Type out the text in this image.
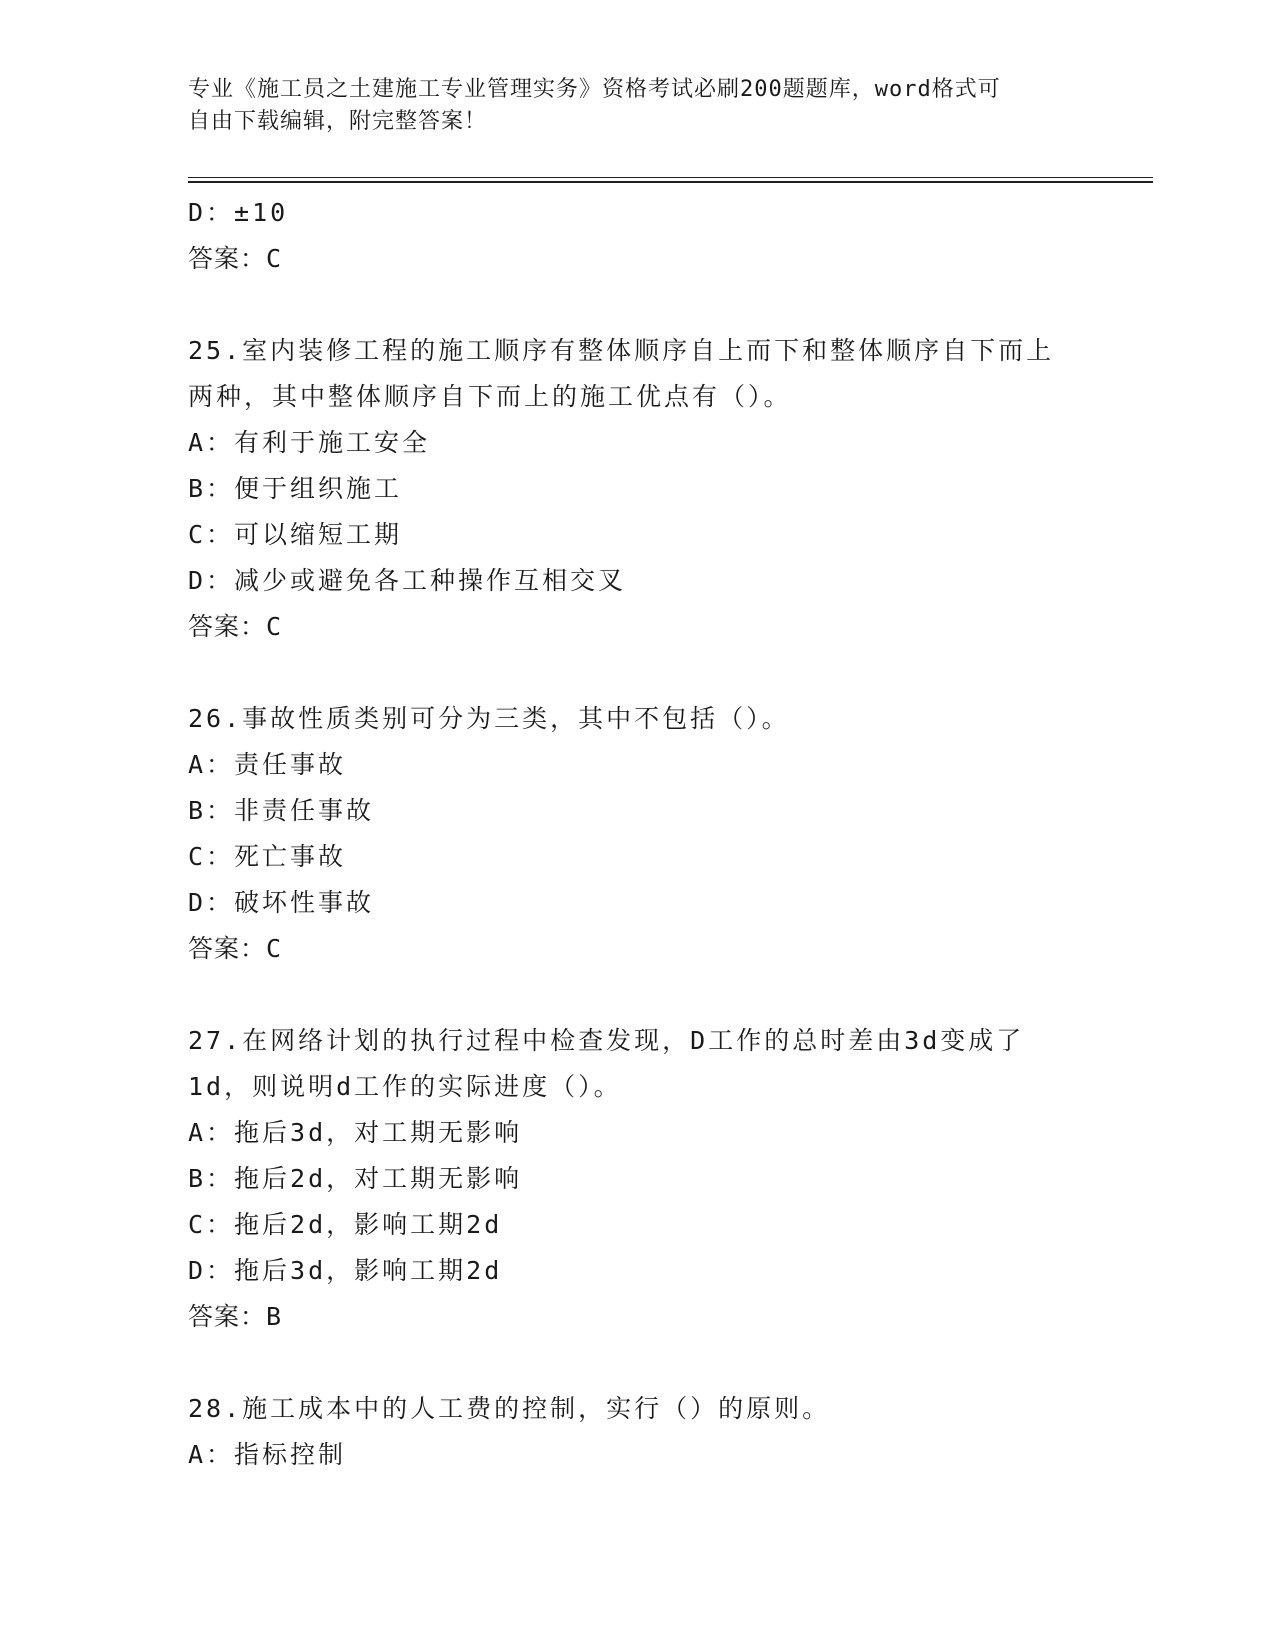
专业《施工员之土建施工专业管理实务》资格考试必刷200题题库，word格式可
自由下载编辑，附完整答案！
D：±10
答案：C
25.室内装修工程的施工顺序有整体顺序自上而下和整体顺序自下而上
两种，其中整体顺序自下而上的施工优点有（）。
A：有利于施工安全
B：便于组织施工
C：可以缩短工期
D：减少或避免各工种操作互相交叉
答案：C
26.事故性质类别可分为三类，其中不包括（）。
A：责任事故
B：非责任事故
C：死亡事故
D：破坏性事故
答案：C
27.在网络计划的执行过程中检查发现，D工作的总时差由3d变成了
1d，则说明d工作的实际进度（）。
A：拖后3d，对工期无影响
B：拖后2d，对工期无影响
C：拖后2d，影响工期2d
D：拖后3d，影响工期2d
答案：B
28.施工成本中的人工费的控制，实行（）的原则。
A：指标控制
